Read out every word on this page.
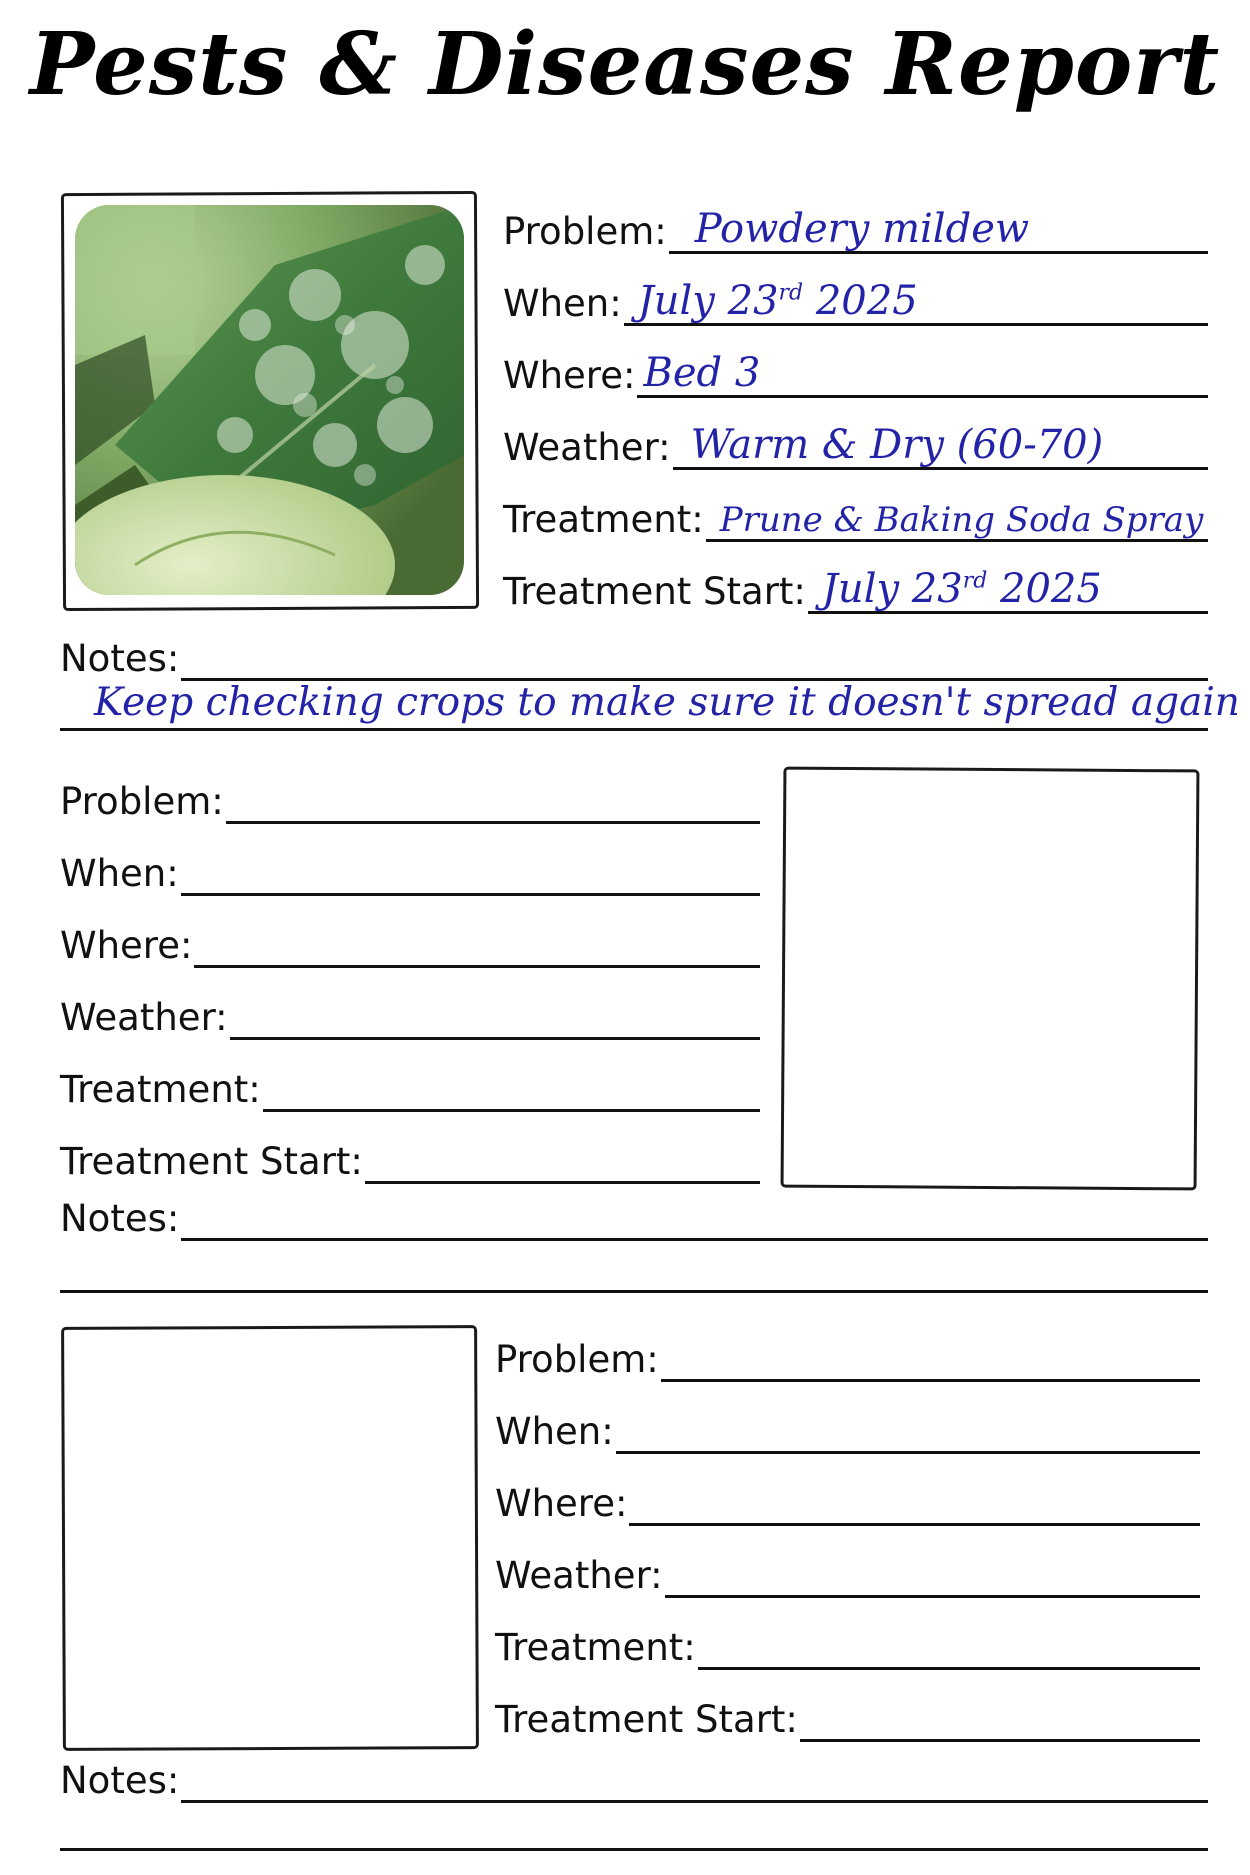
Pests & Diseases Report
Problem: Powdery mildew
When: July 23rd 2025
Where: Bed 3
Weather: Warm & Dry (60-70)
Treatment: Prune & Baking Soda Spray
Treatment Start: July 23rd 2025
Notes:
Keep checking crops to make sure it doesn't spread again
Problem:
When:
Where:
Weather:
Treatment:
Treatment Start:
Notes:
Problem:
When:
Where:
Weather:
Treatment:
Treatment Start:
Notes:
